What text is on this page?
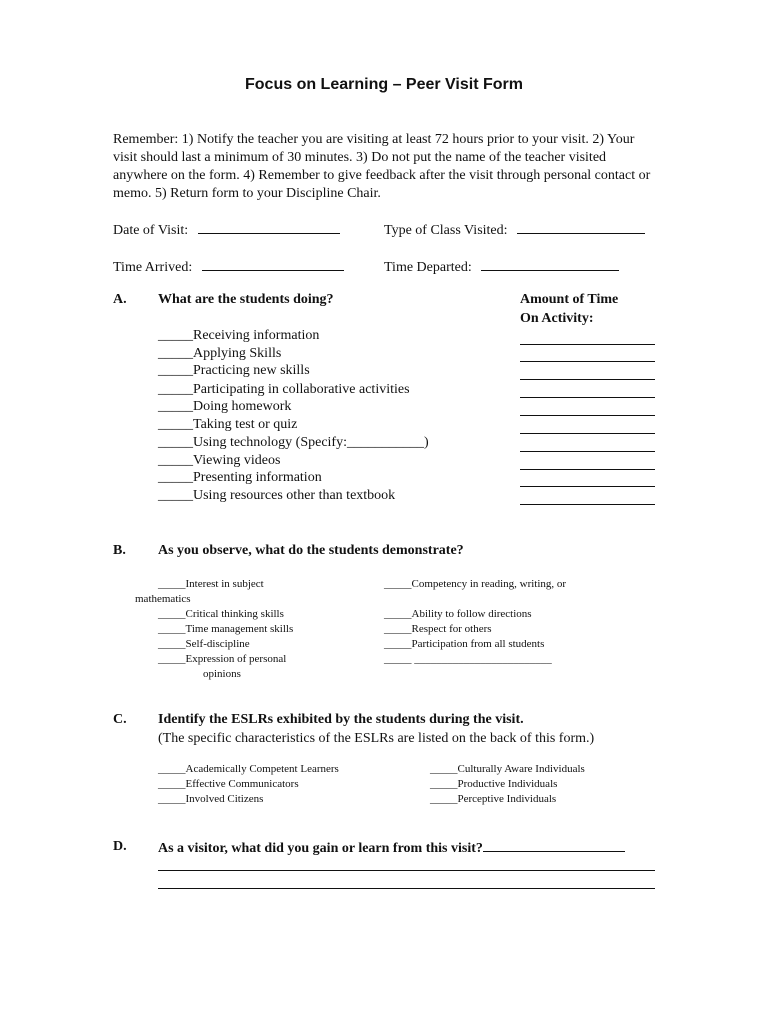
Focus on Learning – Peer Visit Form
Remember: 1) Notify the teacher you are visiting at least 72 hours prior to your visit. 2) Your visit should last a minimum of 30 minutes. 3) Do not put the name of the teacher visited anywhere on the form. 4) Remember to give feedback after the visit through personal contact or memo. 5) Return form to your Discipline Chair.
Date of Visit:	Type of Class Visited:
Time Arrived:	Time Departed:
A. What are the students doing?	Amount of Time
On Activity:
_____Receiving information
_____Applying Skills
_____Practicing new skills
_____Participating in collaborative activities
_____Doing homework
_____Taking test or quiz
_____Using technology (Specify:___________)
_____Viewing videos
_____Presenting information
_____Using resources other than textbook
B. As you observe, what do the students demonstrate?
_____Interest in subject
mathematics
_____Critical thinking skills
_____Time management skills
_____Self-discipline
_____Expression of personal
opinions
_____Competency in reading, writing, or
_____Ability to follow directions
_____Respect for others
_____Participation from all students
_____ _________________________
C. Identify the ESLRs exhibited by the students during the visit.
(The specific characteristics of the ESLRs are listed on the back of this form.)
_____Academically Competent Learners
_____Effective Communicators
_____Involved Citizens
_____Culturally Aware Individuals
_____Productive Individuals
_____Perceptive Individuals
D. As a visitor, what did you gain or learn from this visit?
